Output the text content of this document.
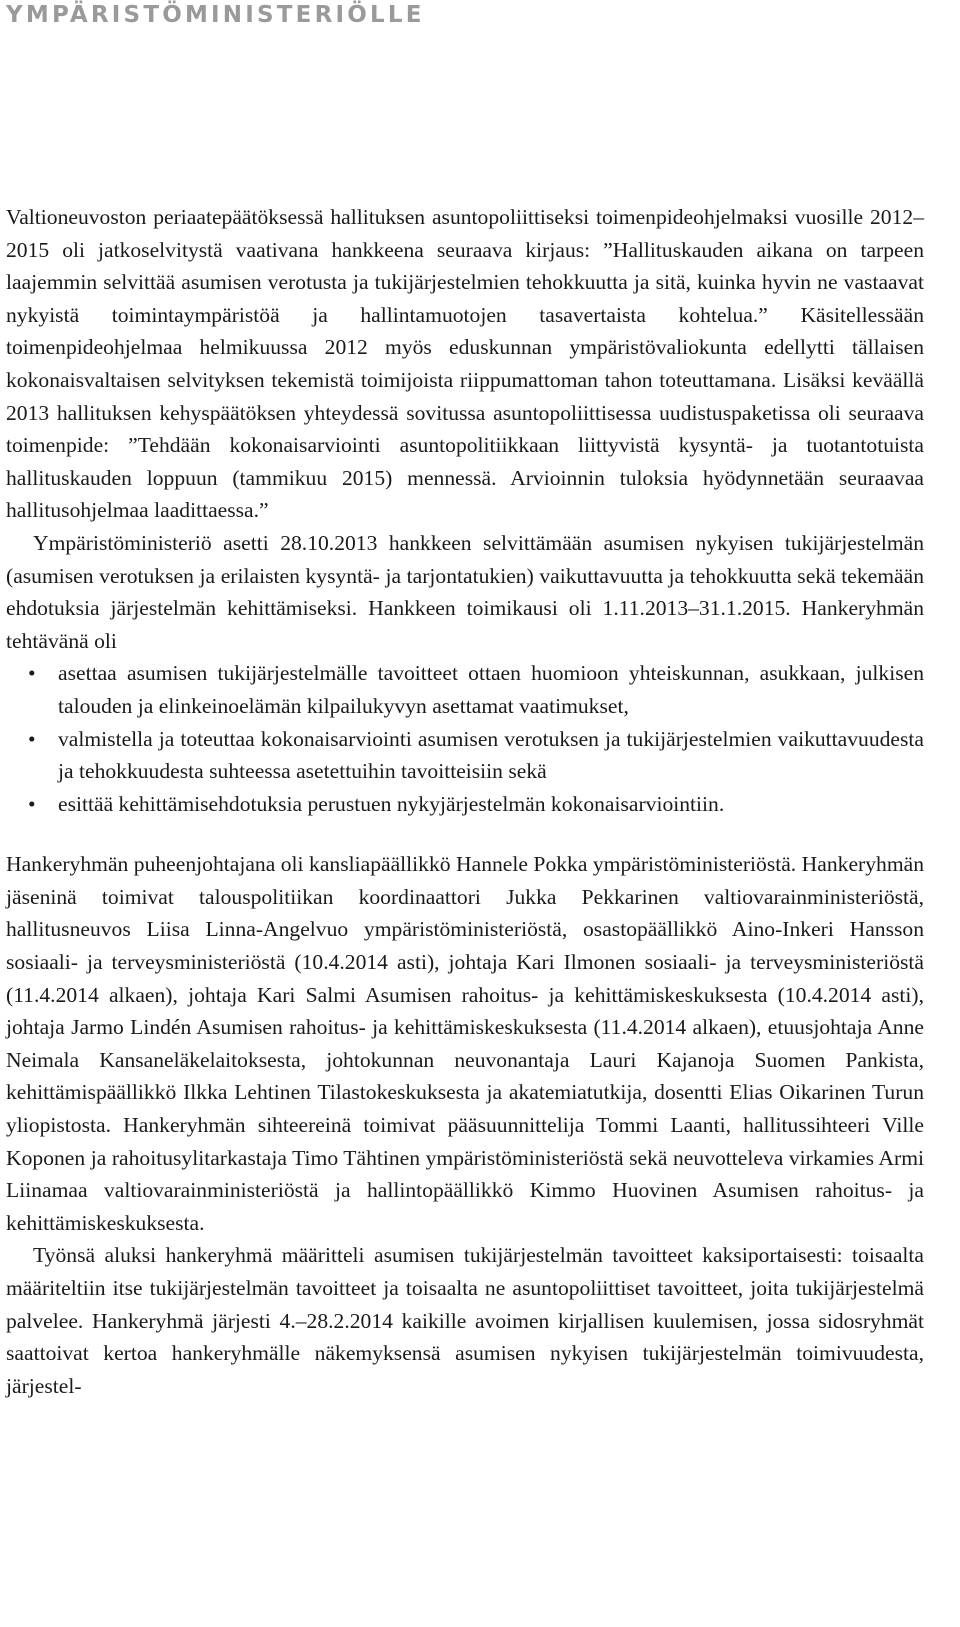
YMPÄRISTÖMINISTERIÖLLE

Valtioneuvoston periaatepäätöksessä hallituksen asuntopoliittiseksi toimenpideohjelmaksi vuosille 2012–2015 oli jatkoselvitystä vaativana hankkeena seuraava kirjaus: ”Hallituskauden aikana on tarpeen laajemmin selvittää asumisen verotusta ja tukijärjestelmien tehokkuutta ja sitä, kuinka hyvin ne vastaavat nykyistä toimintaympäristöä ja hallintamuotojen tasavertaista kohtelua.” Käsitellessään toimenpideohjelmaa helmikuussa 2012 myös eduskunnan ympäristövaliokunta edellytti tällaisen kokonaisvaltaisen selvityksen tekemistä toimijoista riippumattoman tahon toteuttamana. Lisäksi keväällä 2013 hallituksen kehyspäätöksen yhteydessä sovitussa asuntopoliittisessa uudistuspaketissa oli seuraava toimenpide: ”Tehdään kokonaisarviointi asuntopolitiikkaan liittyvistä kysyntä- ja tuotantotuista hallituskauden loppuun (tammikuu 2015) mennessä. Arvioinnin tuloksia hyödynnetään seuraavaa hallitusohjelmaa laadittaessa.”

Ympäristöministeriö asetti 28.10.2013 hankkeen selvittämään asumisen nykyisen tukijärjestelmän (asumisen verotuksen ja erilaisten kysyntä- ja tarjontatukien) vaikuttavuutta ja tehokkuutta sekä tekemään ehdotuksia järjestelmän kehittämiseksi. Hankkeen toimikausi oli 1.11.2013–31.1.2015. Hankeryhmän tehtävänä oli

• asettaa asumisen tukijärjestelmälle tavoitteet ottaen huomioon yhteiskunnan, asukkaan, julkisen talouden ja elinkeinoelämän kilpailukyvyn asettamat vaatimukset,
• valmistella ja toteuttaa kokonaisarviointi asumisen verotuksen ja tukijärjestelmien vaikuttavuudesta ja tehokkuudesta suhteessa asetettuihin tavoitteisiin sekä
• esittää kehittämisehdotuksia perustuen nykyjärjestelmän kokonaisarviointiin.

Hankeryhmän puheenjohtajana oli kansliapäällikkö Hannele Pokka ympäristöministeriöstä. Hankeryhmän jäseninä toimivat talouspolitiikan koordinaattori Jukka Pekkarinen valtiovarainministeriöstä, hallitusneuvos Liisa Linna-Angelvuo ympäristöministeriöstä, osastopäällikkö Aino-Inkeri Hansson sosiaali- ja terveysministeriöstä (10.4.2014 asti), johtaja Kari Ilmonen sosiaali- ja terveysministeriöstä (11.4.2014 alkaen), johtaja Kari Salmi Asumisen rahoitus- ja kehittämiskeskuksesta (10.4.2014 asti), johtaja Jarmo Lindén Asumisen rahoitus- ja kehittämiskeskuksesta (11.4.2014 alkaen), etuusjohtaja Anne Neimala Kansaneläkelaitoksesta, johtokunnan neuvonantaja Lauri Kajanoja Suomen Pankista, kehittämispäällikkö Ilkka Lehtinen Tilastokeskuksesta ja akatemiatutkija, dosentti Elias Oikarinen Turun yliopistosta. Hankeryhmän sihteereinä toimivat pääsuunnittelija Tommi Laanti, hallitussihteeri Ville Koponen ja rahoitusylitarkastaja Timo Tähtinen ympäristöministeriöstä sekä neuvotteleva virkamies Armi Liinamaa valtiovarainministeriöstä ja hallintopäällikkö Kimmo Huovinen Asumisen rahoitus- ja kehittämiskeskuksesta.

Työnsä aluksi hankeryhmä määritteli asumisen tukijärjestelmän tavoitteet kaksiportaisesti: toisaalta määriteltiin itse tukijärjestelmän tavoitteet ja toisaalta ne asuntopoliittiset tavoitteet, joita tukijärjestelmä palvelee. Hankeryhmä järjesti 4.–28.2.2014 kaikille avoimen kirjallisen kuulemisen, jossa sidosryhmät saattoivat kertoa hankeryhmälle näkemyksensä asumisen nykyisen tukijärjestelmän toimivuudesta, järjestel-
